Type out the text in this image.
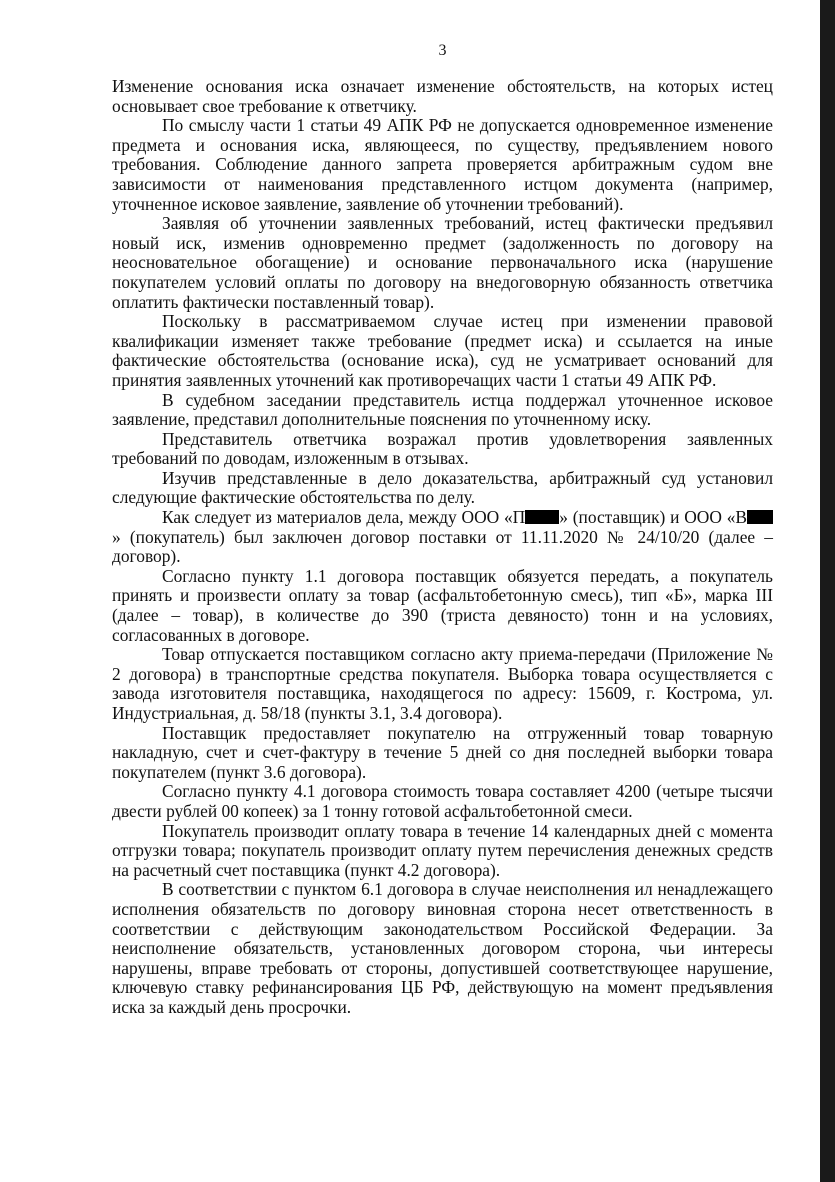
3

Изменение основания иска означает изменение обстоятельств, на которых истец основывает свое требование к ответчику.

По смыслу части 1 статьи 49 АПК РФ не допускается одновременное изменение предмета и основания иска, являющееся, по существу, предъявлением нового требования. Соблюдение данного запрета проверяется арбитражным судом вне зависимости от наименования представленного истцом документа (например, уточненное исковое заявление, заявление об уточнении требований).

Заявляя об уточнении заявленных требований, истец фактически предъявил новый иск, изменив одновременно предмет (задолженность по договору на неосновательное обогащение) и основание первоначального иска (нарушение покупателем условий оплаты по договору на внедоговорную обязанность ответчика оплатить фактически поставленный товар).

Поскольку в рассматриваемом случае истец при изменении правовой квалификации изменяет также требование (предмет иска) и ссылается на иные фактические обстоятельства (основание иска), суд не усматривает оснований для принятия заявленных уточнений как противоречащих части 1 статьи 49 АПК РФ.

В судебном заседании представитель истца поддержал уточненное исковое заявление, представил дополнительные пояснения по уточненному иску.

Представитель ответчика возражал против удовлетворения заявленных требований по доводам, изложенным в отзывах.

Изучив представленные в дело доказательства, арбитражный суд установил следующие фактические обстоятельства по делу.

Как следует из материалов дела, между ООО «П » (поставщик) и ООО «В» (покупатель) был заключен договор поставки от 11.11.2020 № 24/10/20 (далее – договор).

Согласно пункту 1.1 договора поставщик обязуется передать, а покупатель принять и произвести оплату за товар (асфальтобетонную смесь), тип «Б», марка III (далее – товар), в количестве до 390 (триста девяносто) тонн и на условиях, согласованных в договоре.

Товар отпускается поставщиком согласно акту приема-передачи (Приложение № 2 договора) в транспортные средства покупателя. Выборка товара осуществляется с завода изготовителя поставщика, находящегося по адресу: 15609, г. Кострома, ул. Индустриальная, д. 58/18 (пункты 3.1, 3.4 договора).

Поставщик предоставляет покупателю на отгруженный товар товарную накладную, счет и счет-фактуру в течение 5 дней со дня последней выборки товара покупателем (пункт 3.6 договора).

Согласно пункту 4.1 договора стоимость товара составляет 4200 (четыре тысячи двести рублей 00 копеек) за 1 тонну готовой асфальтобетонной смеси.

Покупатель производит оплату товара в течение 14 календарных дней с момента отгрузки товара; покупатель производит оплату путем перечисления денежных средств на расчетный счет поставщика (пункт 4.2 договора).

В соответствии с пунктом 6.1 договора в случае неисполнения ил ненадлежащего исполнения обязательств по договору виновная сторона несет ответственность в соответствии с действующим законодательством Российской Федерации. За неисполнение обязательств, установленных договором сторона, чьи интересы нарушены, вправе требовать от стороны, допустившей соответствующее нарушение, ключевую ставку рефинансирования ЦБ РФ, действующую на момент предъявления иска за каждый день просрочки.
